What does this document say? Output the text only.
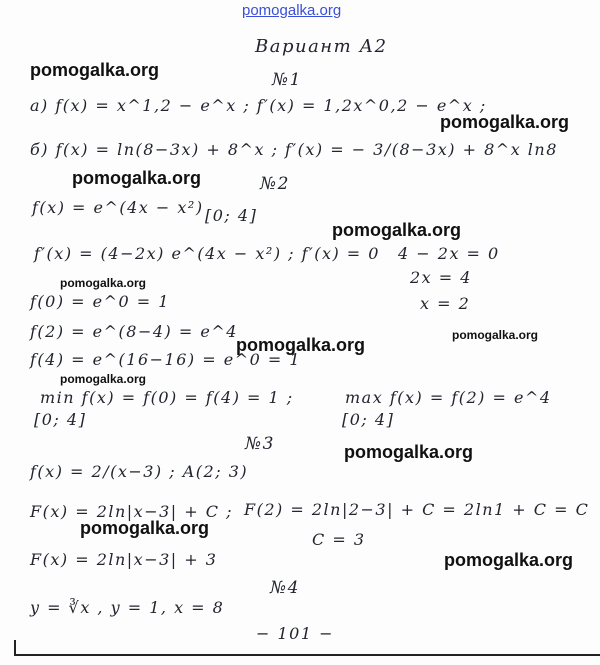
pomogalka.org
Вариант А2
pomogalka.org	№1
а) f(x) = x^1,2 − e^x ; f′(x) = 1,2x^0,2 − e^x ;
pomogalka.org
б) f(x) = ln(8−3x) + 8^x ; f′(x) = − 3/(8−3x) + 8^x ln8
pomogalka.org	№2
f(x) = e^(4x − x²) [0; 4]
pomogalka.org
f′(x) = (4−2x) e^(4x − x²) ; f′(x) = 0 4 − 2x = 0
2x = 4
pomogalka.org
x = 2
f(0) = e^0 = 1
f(2) = e^(8−4) = e^4	pomogalka.org
pomogalka.org
f(4) = e^(16−16) = e^0 = 1
pomogalka.org
min f(x) = f(0) = f(4) = 1 ;	max f(x) = f(2) = e^4
[0; 4]	[0; 4]
№3	pomogalka.org
f(x) = 2/(x−3) ; A(2; 3)
F(x) = 2ln|x−3| + C ; F(2) = 2ln|2−3| + C = 2ln1 + C = C
pomogalka.org
C = 3
F(x) = 2ln|x−3| + 3	pomogalka.org
№4
y = ∛x , y = 1, x = 8
− 101 −
